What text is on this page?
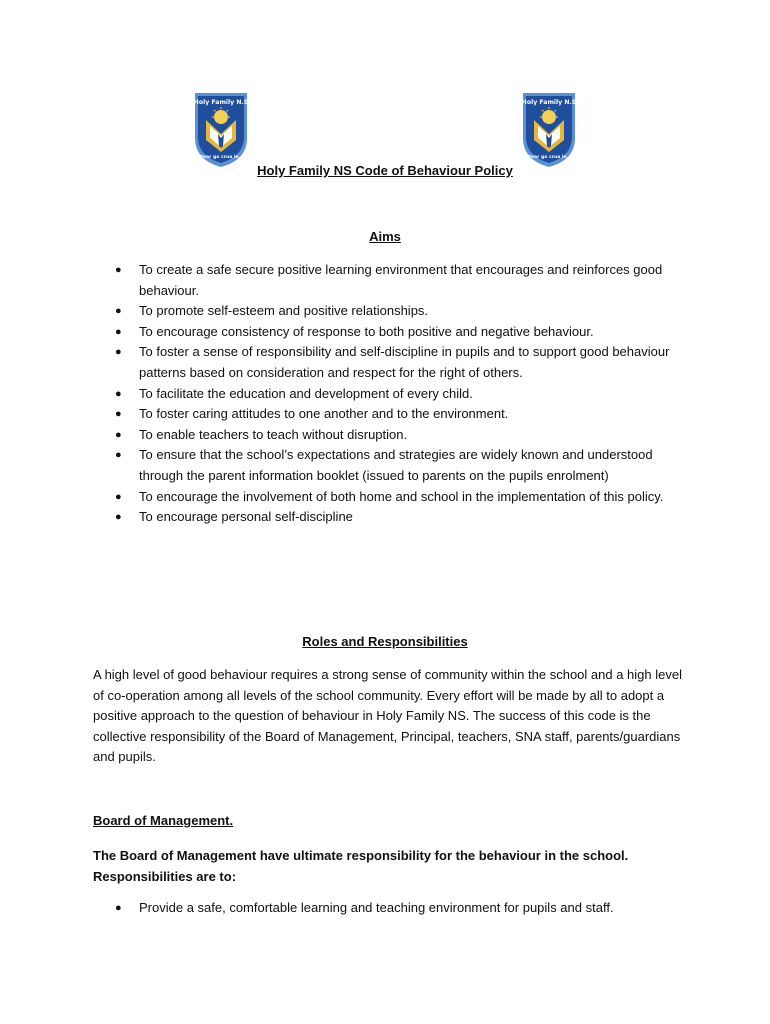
Holy Family N.S
ar aistear go crua le chéile
Holy Family N.S
ar aistear go crua le chéile
Holy Family NS Code of Behaviour Policy
Aims
● To create a safe secure positive learning environment that encourages and reinforces good behaviour.
● To promote self-esteem and positive relationships.
● To encourage consistency of response to both positive and negative behaviour.
● To foster a sense of responsibility and self-discipline in pupils and to support good behaviour patterns based on consideration and respect for the right of others.
● To facilitate the education and development of every child.
● To foster caring attitudes to one another and to the environment.
● To enable teachers to teach without disruption.
● To ensure that the school’s expectations and strategies are widely known and understood through the parent information booklet (issued to parents on the pupils enrolment)
● To encourage the involvement of both home and school in the implementation of this policy.
● To encourage personal self-discipline
Roles and Responsibilities
A high level of good behaviour requires a strong sense of community within the school and a high level of co-operation among all levels of the school community. Every effort will be made by all to adopt a positive approach to the question of behaviour in Holy Family NS. The success of this code is the collective responsibility of the Board of Management, Principal, teachers, SNA staff, parents/guardians and pupils.
Board of Management.
The Board of Management have ultimate responsibility for the behaviour in the school. Responsibilities are to:
● Provide a safe, comfortable learning and teaching environment for pupils and staff.
